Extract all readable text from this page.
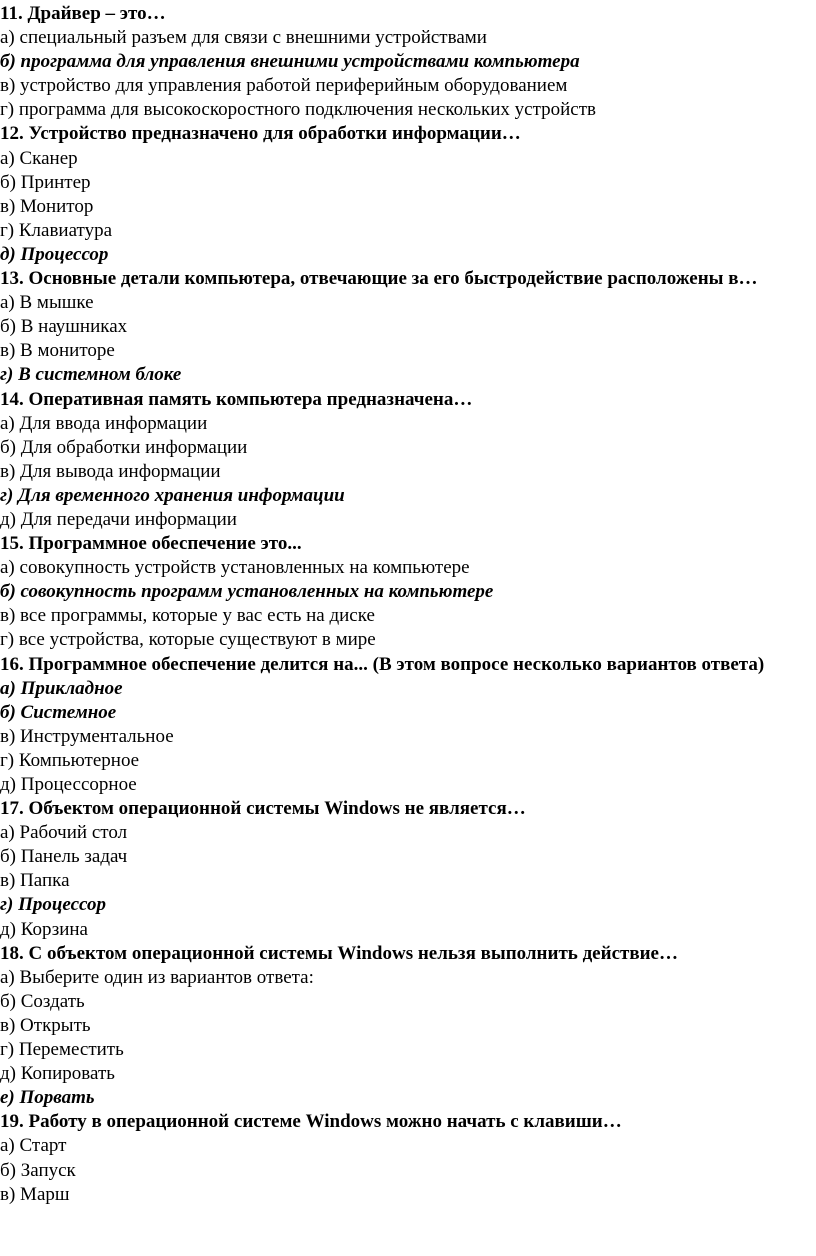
11. Драйвер – это…
а) специальный разъем для связи с внешними устройствами
б) программа для управления внешними устройствами компьютера
в) устройство для управления работой периферийным оборудованием
г) программа для высокоскоростного подключения нескольких устройств
12. Устройство предназначено для обработки информации…
а) Сканер
б) Принтер
в) Монитор
г) Клавиатура
д) Процессор
13. Основные детали компьютера, отвечающие за его быстродействие расположены в…
а) В мышке
б) В наушниках
в) В мониторе
г) В системном блоке
14. Оперативная память компьютера предназначена…
а) Для ввода информации
б) Для обработки информации
в) Для вывода информации
г) Для временного хранения информации
д) Для передачи информации
15. Программное обеспечение это...
а) совокупность устройств установленных на компьютере
б) совокупность программ установленных на компьютере
в) все программы, которые у вас есть на диске
г) все устройства, которые существуют в мире
16. Программное обеспечение делится на... (В этом вопросе несколько вариантов ответа)
а) Прикладное
б) Системное
в) Инструментальное
г) Компьютерное
д) Процессорное
17. Объектом операционной системы Windows не является…
а) Рабочий стол
б) Панель задач
в) Папка
г) Процессор
д) Корзина
18. С объектом операционной системы Windows нельзя выполнить действие…
а) Выберите один из вариантов ответа:
б) Создать
в) Открыть
г) Переместить
д) Копировать
е) Порвать
19. Работу в операционной системе Windows можно начать с клавиши…
а) Старт
б) Запуск
в) Марш
